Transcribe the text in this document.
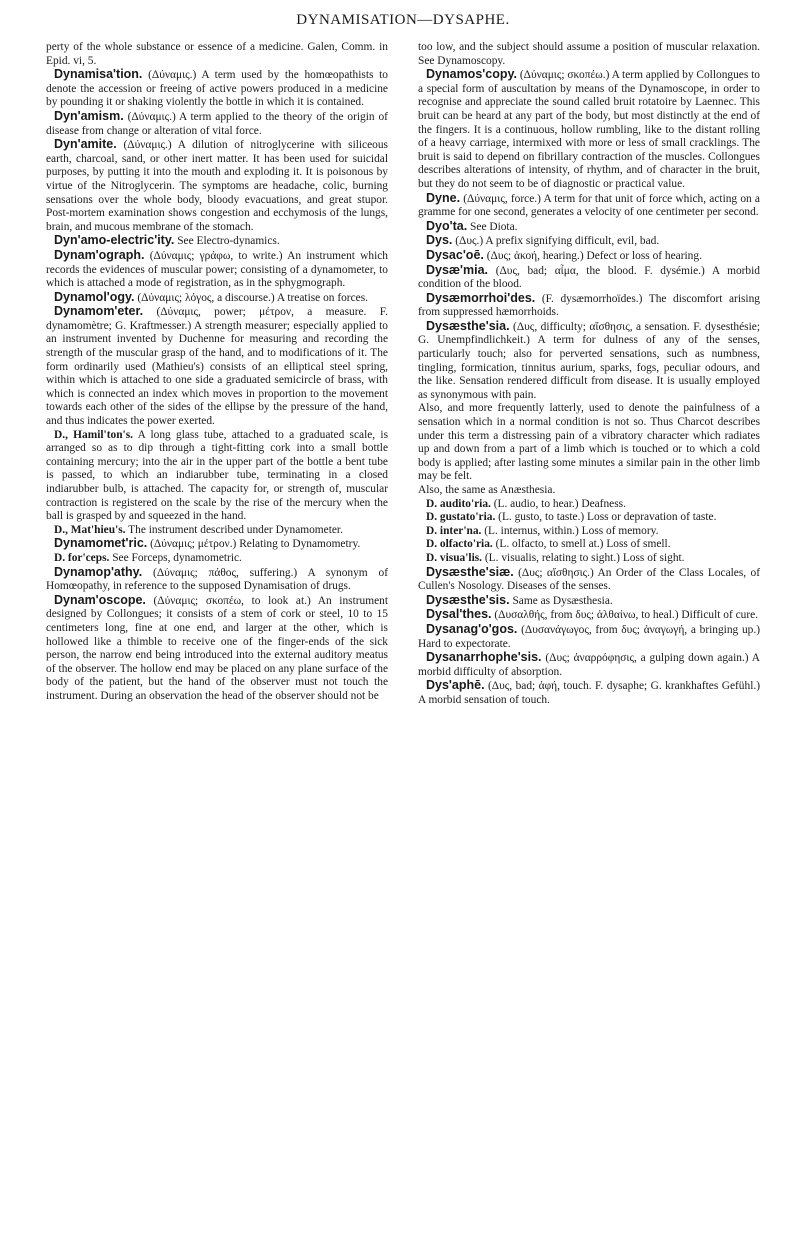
DYNAMISATION—DYSAPHE.

perty of the whole substance or essence of a medicine. Galen, Comm. in Epid. vi, 5.

Dynamisa'tion. (Δύναμις.) A term used by the homœopathists to denote the accession or freeing of active powers produced in a medicine by pounding it or shaking violently the bottle in which it is contained.

Dyn'amism. (Δύναμις.) A term applied to the theory of the origin of disease from change or alteration of vital force.

Dyn'amite. (Δύναμις.) A dilution of nitroglycerine with siliceous earth, charcoal, sand, or other inert matter. It has been used for suicidal purposes, by putting it into the mouth and exploding it. It is poisonous by virtue of the Nitroglycerin. The symptoms are headache, colic, burning sensations over the whole body, bloody evacuations, and great stupor. Post-mortem examination shows congestion and ecchymosis of the lungs, brain, and mucous membrane of the stomach.

Dyn'amo-electric'ity. See Electro-dynamics.

Dynam'ograph. (Δύναμις; γράφω, to write.) An instrument which records the evidences of muscular power; consisting of a dynamometer, to which is attached a mode of registration, as in the sphygmograph.

Dynamol'ogy. (Δύναμις; λόγος, a discourse.) A treatise on forces.

Dynamom'eter. (Δύναμις, power; μέτρον, a measure. F. dynamomètre; G. Kraftmesser.) A strength measurer; especially applied to an instrument invented by Duchenne for measuring and recording the strength of the muscular grasp of the hand, and to modifications of it. The form ordinarily used (Mathieu's) consists of an elliptical steel spring, within which is attached to one side a graduated semicircle of brass, with which is connected an index which moves in proportion to the movement towards each other of the sides of the ellipse by the pressure of the hand, and thus indicates the power exerted.

D., Hamil'ton's. A long glass tube, attached to a graduated scale, is arranged so as to dip through a tight-fitting cork into a small bottle containing mercury; into the air in the upper part of the bottle a bent tube is passed, to which an indiarubber tube, terminating in a closed indiarubber bulb, is attached. The capacity for, or strength of, muscular contraction is registered on the scale by the rise of the mercury when the ball is grasped by and squeezed in the hand.

D., Mat'hieu's. The instrument described under Dynamometer.

Dynamomet'ric. (Δύναμις; μέτρον.) Relating to Dynamometry.

D. for'ceps. See Forceps, dynamometric.

Dynamop'athy. (Δύναμις; πάθος, suffering.) A synonym of Homœopathy, in reference to the supposed Dynamisation of drugs.

Dynam'oscope. (Δύναμις; σκοπέω, to look at.) An instrument designed by Collongues; it consists of a stem of cork or steel, 10 to 15 centimeters long, fine at one end, and larger at the other, which is hollowed like a thimble to receive one of the finger-ends of the sick person, the narrow end being introduced into the external auditory meatus of the observer. The hollow end may be placed on any plane surface of the body of the patient, but the hand of the observer must not touch the instrument. During an observation the head of the observer should not be

too low, and the subject should assume a position of muscular relaxation. See Dynamoscopy.

Dynamos'copy. (Δύναμις; σκοπέω.) A term applied by Collongues to a special form of auscultation by means of the Dynamoscope, in order to recognise and appreciate the sound called bruit rotatoire by Laennec. This bruit can be heard at any part of the body, but most distinctly at the end of the fingers. It is a continuous, hollow rumbling, like to the distant rolling of a heavy carriage, intermixed with more or less of small cracklings. The bruit is said to depend on fibrillary contraction of the muscles. Collongues describes alterations of intensity, of rhythm, and of character in the bruit, but they do not seem to be of diagnostic or practical value.

Dyne. (Δύναμις, force.) A term for that unit of force which, acting on a gramme for one second, generates a velocity of one centimeter per second.

Dyo'ta. See Diota.

Dys. (Δυς.) A prefix signifying difficult, evil, bad.

Dysac'oē. (Δυς; ἀκοή, hearing.) Defect or loss of hearing.

Dysæ'mia. (Δυς, bad; αἷμα, the blood. F. dysémie.) A morbid condition of the blood.

Dysæmorrhoi'des. (F. dysæmorrhoïdes.) The discomfort arising from suppressed hæmorrhoids.

Dysæsthe'sia. (Δυς, difficulty; αἴσθησις, a sensation. F. dysesthésie; G. Unempfindlichkeit.) A term for dulness of any of the senses, particularly touch; also for perverted sensations, such as numbness, tingling, formication, tinnitus aurium, sparks, fogs, peculiar odours, and the like. Sensation rendered difficult from disease. It is usually employed as synonymous with pain.

Also, and more frequently latterly, used to denote the painfulness of a sensation which in a normal condition is not so. Thus Charcot describes under this term a distressing pain of a vibratory character which radiates up and down from a part of a limb which is touched or to which a cold body is applied; after lasting some minutes a similar pain in the other limb may be felt.

Also, the same as Anæsthesia.

D. audito'ria. (L. audio, to hear.) Deafness.

D. gustato'ria. (L. gusto, to taste.) Loss or depravation of taste.

D. inter'na. (L. internus, within.) Loss of memory.

D. olfacto'ria. (L. olfacto, to smell at.) Loss of smell.

D. visua'lis. (L. visualis, relating to sight.) Loss of sight.

Dysæsthe'siæ. (Δυς; αἴσθησις.) An Order of the Class Locales, of Cullen's Nosology. Diseases of the senses.

Dysæsthe'sis. Same as Dysæsthesia.

Dysal'thes. (Δυσαλθής, from δυς; ἀλθαίνω, to heal.) Difficult of cure.

Dysanag'o'gos. (Δυσανάγωγος, from δυς; ἀναγωγή, a bringing up.) Hard to expectorate.

Dysanarrhophe'sis. (Δυς; ἀναρρόφησις, a gulping down again.) A morbid difficulty of absorption.

Dys'aphē. (Δυς, bad; ἁφή, touch. F. dysaphe; G. krankhaftes Gefühl.) A morbid sensation of touch.
